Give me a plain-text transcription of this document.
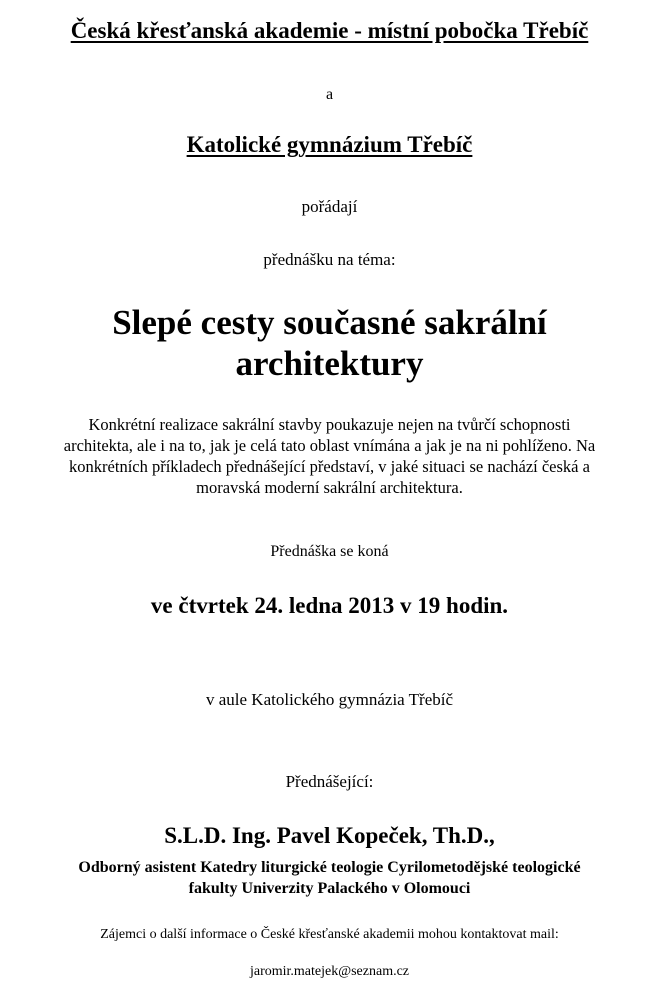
Česká křesťanská akademie - místní pobočka Třebíč

a

Katolické gymnázium Třebíč

pořádají

přednášku na téma:

Slepé cesty současné sakrální
architektury

Konkrétní realizace sakrální stavby poukazuje nejen na tvůrčí schopnosti
architekta, ale i na to, jak je celá tato oblast vnímána a jak je na ni pohlíženo. Na
konkrétních příkladech přednášející představí, v jaké situaci se nachází česká a
moravská moderní sakrální architektura.

Přednáška se koná

ve čtvrtek 24. ledna 2013 v 19 hodin.

v aule Katolického gymnázia Třebíč

Přednášející:

S.L.D. Ing. Pavel Kopeček, Th.D.,

Odborný asistent Katedry liturgické teologie Cyrilometodějské teologické
fakulty Univerzity Palackého v Olomouci

Zájemci o další informace o České křesťanské akademii mohou kontaktovat mail:

jaromir.matejek@seznam.cz
